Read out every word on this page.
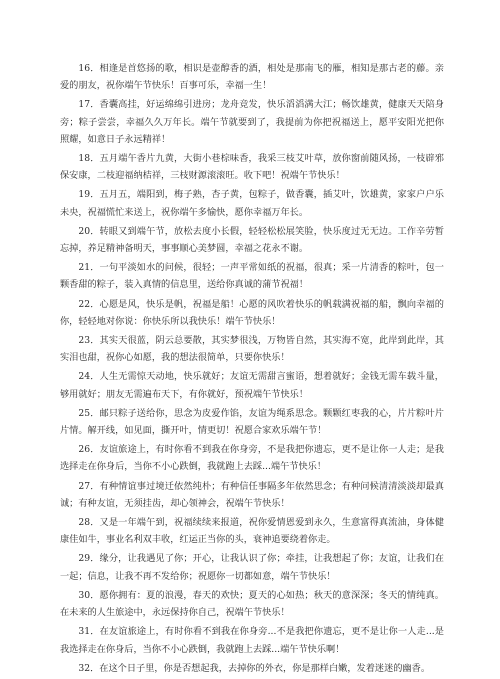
16．相逢是首悠扬的歌，相识是壶醇香的酒，相处是那南飞的雁，相知是那古老的藤。亲爱的朋友，祝你端午节快乐！百事可乐，幸福一生！

17．香囊高挂，好运绵绵引进房；龙舟竞发，快乐滔滔满大江；畅饮雄黄，健康天天陪身旁；粽子尝尝，幸福久久万年长。端午节就要到了，我提前为你把祝福送上，愿平安阳光把你照耀，如意日子永远精祥！

18．五月端午香片九黄，大街小巷棕味香，我采三枝艾叶草，放你窗前随风扬，一枝辟邪保安康，二枝迎福纳桔祥，三枝财源滚滚旺。收下吧！祝端午节快乐！

19．五月五，端阳到，梅子熟，杏子黄，包粽子，做香囊，插艾叶，饮雄黄，家家户户乐未央，祝福慌忙来送上，祝你端午多愉快，愿你幸福万年长。

20．转眼又到端午节，放松去度小长假，轻轻松松展笑脸，快乐度过无无边。工作辛劳暂忘掉，养足精神备明天，事事顺心美梦圆，幸福之花永不谢。

21．一句平淡如水的问候，很轻；一声平常如纸的祝福，很真；采一片清香的粽叶，包一颗香甜的粽子，装入真情的信息里，送给你真诚的蒲节祝福！

22．心愿是风，快乐是帆，祝福是船！心愿的风吹着快乐的帆载满祝福的船，飘向幸福的你，轻轻地对你说：你快乐所以我快乐！端午节快乐！

23．其实天很蓝，阴云总要散，其实梦很浅，万物皆自然，其实海不宽，此岸到此岸，其实泪也甜，祝你心如愿，我的想法很简单，只要你快乐！

24．人生无需惊天动地，快乐就好；友谊无需甜言蜜语，想着就好；金钱无需车载斗量，够用就好；朋友无需遍布天下，有你就好，预祝端午节快乐！

25．邮只粽子送给你，思念为皮爱作馅，友谊为绳系思念。颗颗红枣我的心，片片粽叶片片情。解开线，如见面，撕开叶，情更切！祝愿合家欢乐端午节！

26．友谊旅途上，有时你看不到我在你身旁，不是我把你遗忘，更不是让你一人走；是我选择走在你身后，当你不小心跌倒，我就跑上去踩...端午节快乐！

27．有种情谊事过境迁依然纯朴；有种信任事隔多年依然思念；有种问候清清淡淡却最真诚；有种友谊，无须挂齿，却心领神会，祝端午节快乐！

28．又是一年端午到，祝福续续来报道，祝你爱情恩爱到永久，生意富得真流油，身体健康佳如牛，事业名利双丰收，红运正当你的头，衰神追要绕着你走。

29．缘分，让我遇见了你；开心，让我认识了你；牵挂，让我想起了你；友谊，让我们在一起；信息，让我不再不发给你；祝愿你一切都如意，端午节快乐！

30．愿你拥有：夏的浪漫，春天的欢快；夏天的心如热；秋天的意深深；冬天的情纯真。在未来的人生旅途中，永远保持你自己，祝端午节快乐！

31．在友谊旅途上，有时你看不到我在你身旁...不是我把你遗忘，更不是让你一人走...是我选择走在你身后，当你不小心跌倒，我就跑上去踩...端午节快乐啊！

32．在这个日子里，你是否想起我，去掉你的外衣，你是那样白嫩，发着迷迷的幽香。
